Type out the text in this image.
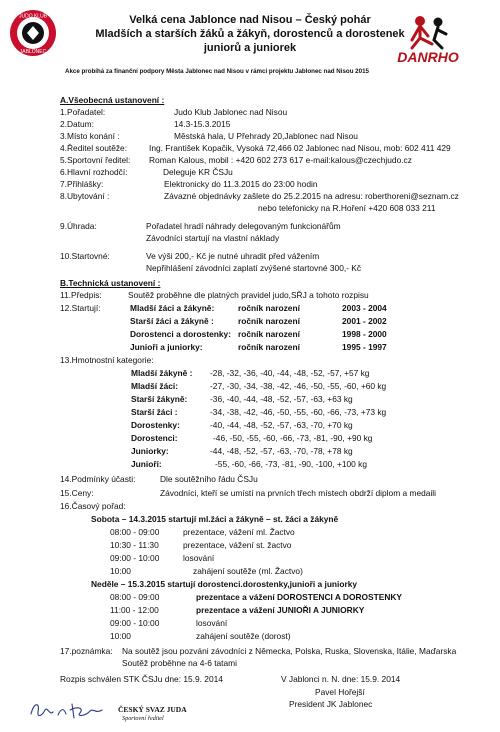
JUDO KLUB
JABLONEC	DANRHO
Velká cena Jablonce nad Nisou – Český pohár
Mladších a starších žáků a žákyň, dorostenců a dorostenek
juniorů a juniorek
Akce probíhá za finanční podpory Města Jablonec nad Nisou v rámci projektu Jablonec nad Nisou 2015
A.Všeobecná ustanovení :
1.Pořadatel:	Judo Klub Jablonec nad Nisou
2.Datum:	14.3-15.3.2015
3.Místo konání :	Městská hala, U Přehrady 20,Jablonec nad Nisou
4.Ředitel soutěže:	Ing. František Kopačik, Vysoká 72,466 02 Jablonec nad Nisou, mob: 602 411 429
5.Sportovní ředitel: Roman Kalous, mobil : +420 602 273 617 e-mail:kalous@czechjudo.cz
6.Hlavní rozhodčí:	Deleguje KR ČSJu
7.Přihlášky:	Elektronicky do 11.3.2015 do 23:00 hodin
8.Ubytování :	Závazné objednávky zašlete do 25.2.2015 na adresu: roberthoreni@seznam.cz
nebo telefonicky na R.Hoření +420 608 033 211
9.Úhrada:	Pořadatel hradí náhrady delegovaným funkcionářům
Závodníci startují na vlastní náklady
10.Startovné:	Ve výši 200,- Kč je nutné uhradit před vážením
Nepřihlášení závodníci zaplatí zvýšené startovné 300,- Kč
B.Technická ustanovení :
11.Předpis:	Soutěž proběhne dle platných pravidel judo,SŘJ a tohoto rozpisu
12.Startují:	Mladší žáci a žákyně:	ročník narození	2003 - 2004
Starší žáci a žákyně :	ročník narození	2001 - 2002
Dorostenci a dorostenky: ročník narození	1998 - 2000
Junioři a juniorky:	ročník narození	1995 - 1997
13.Hmotnostní kategorie:
Mladší žákyně : -28, -32, -36, -40, -44, -48, -52, -57, +57 kg
Mladší žáci:	-27, -30, -34, -38, -42, -46, -50, -55, -60, +60 kg
Starší žákyně:	-36, -40, -44, -48, -52, -57, -63, +63 kg
Starší žáci :	-34, -38, -42, -46, -50, -55, -60, -66, -73, +73 kg
Dorostenky:	-40, -44, -48, -52, -57, -63, -70, +70 kg
Dorostenci:	-46, -50, -55, -60, -66, -73, -81, -90, +90 kg
Juniorky:	-44, -48, -52, -57, -63, -70, -78, +78 kg
Junioři:	-55, -60, -66, -73, -81, -90, -100, +100 kg
14.Podmínky účasti:	Dle soutěžního řádu ČSJu
15.Ceny:	Závodníci, kteří se umístí na prvních třech místech obdrží diplom a medaili
16.Časový pořad:
Sobota – 14.3.2015 startují ml.žáci a žákyně – st. žáci a žákyně
08:00 - 09:00	prezentace, vážení ml. Žactvo
10:30 - 11:30	prezentace, vážení st. žactvo
09:00 - 10:00	losování
10:00	zahájení soutěže (ml. Žactvo)
Neděle – 15.3.2015 startují dorostenci.dorostenky,junioři a juniorky
08:00 - 09:00	prezentace a vážení DOROSTENCI A DOROSTENKY
11:00 - 12:00	prezentace a vážení JUNIOŘI A JUNIORKY
09:00 - 10:00	losování
10:00	zahájení soutěže (dorost)
17.poznámka: Na soutěž jsou pozváni závodníci z Německa, Polska, Ruska, Slovenska, Itálie, Maďarska
Soutěž proběhne na 4-6 tatami
Rozpis schválen STK ČSJu dne: 15.9. 2014	V Jablonci n. N. dne: 15.9. 2014
Pavel Hořejší
President JK Jablonec
ČESKÝ SVAZ JUDA
Sportovní ředitel
